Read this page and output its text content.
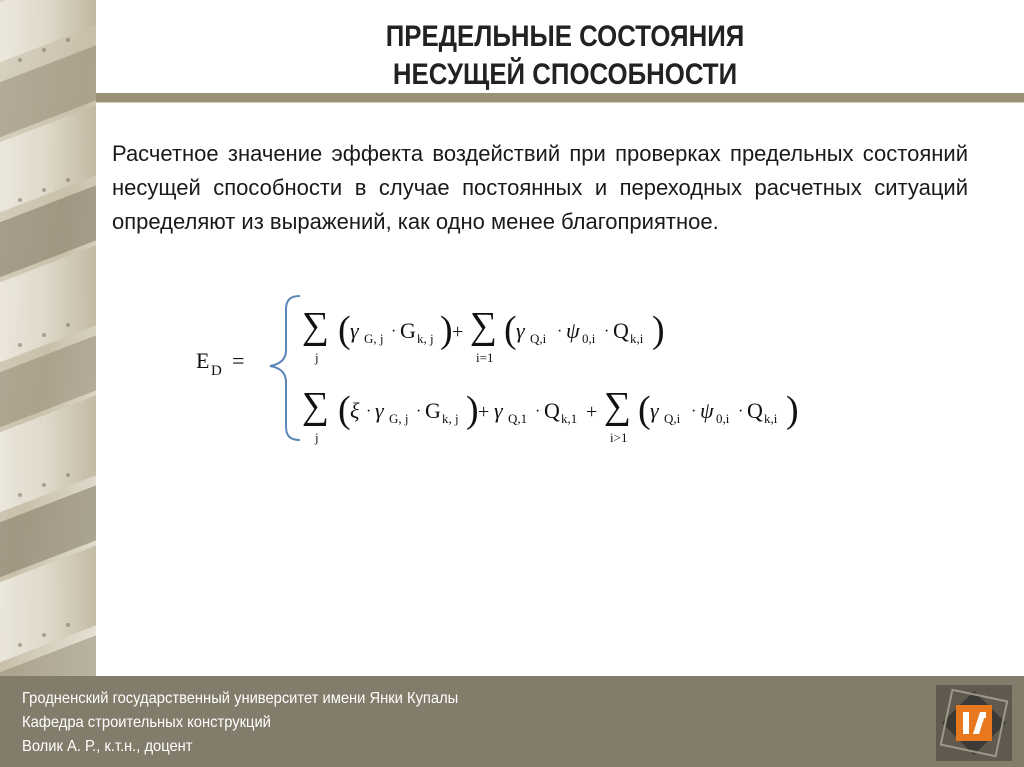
ПРЕДЕЛЬНЫЕ СОСТОЯНИЯ
НЕСУЩЕЙ СПОСОБНОСТИ
Расчетное значение эффекта воздействий при проверках предельных состояний несущей способности в случае постоянных и переходных расчетных ситуаций определяют из выражений, как одно менее благоприятное.
E D =
∑
j
( γ G, j · G k, j ) + ∑
i=1
( γ Q,i · ψ 0,i · Q k,i )
∑
j
( ξ · γ G, j · G k, j ) + γ Q,1 · Q k,1 + ∑
i>1
( γ Q,i · ψ 0,i · Q k,i )
Гродненский государственный университет имени Янки Купалы
Кафедра строительных конструкций
Волик А. Р., к.т.н., доцент
